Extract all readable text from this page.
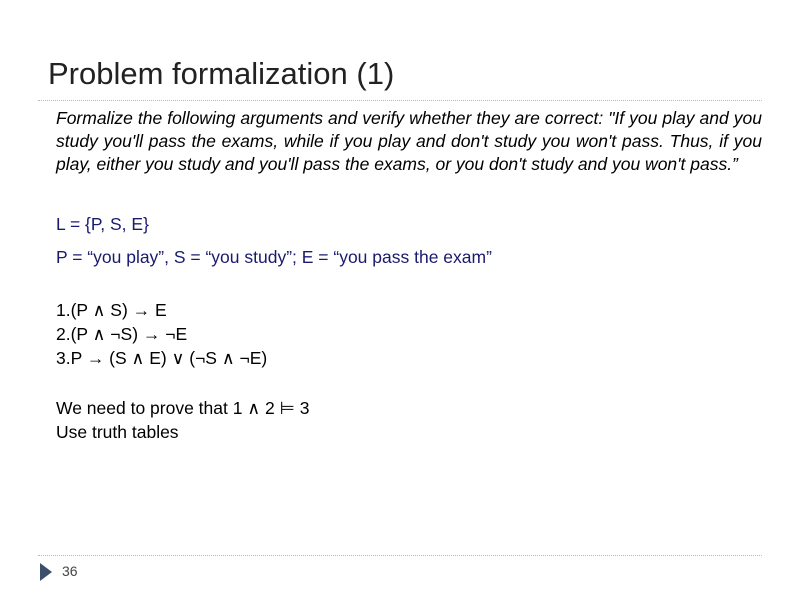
Problem formalization (1)
Formalize the following arguments and verify whether they are correct: "If you play and you study you'll pass the exams, while if you play and don't study you won't pass. Thus, if you play, either you study and you'll pass the exams, or you don't study and you won't pass.”
L = {P, S, E}
P = “you play”, S = “you study”; E = “you pass the exam”
1.(P ∧ S) → E
2.(P ∧ ¬S) → ¬E
3.P → (S ∧ E) ∨ (¬S ∧ ¬E)
We need to prove that 1 ∧ 2 ⊨ 3
Use truth tables
36
